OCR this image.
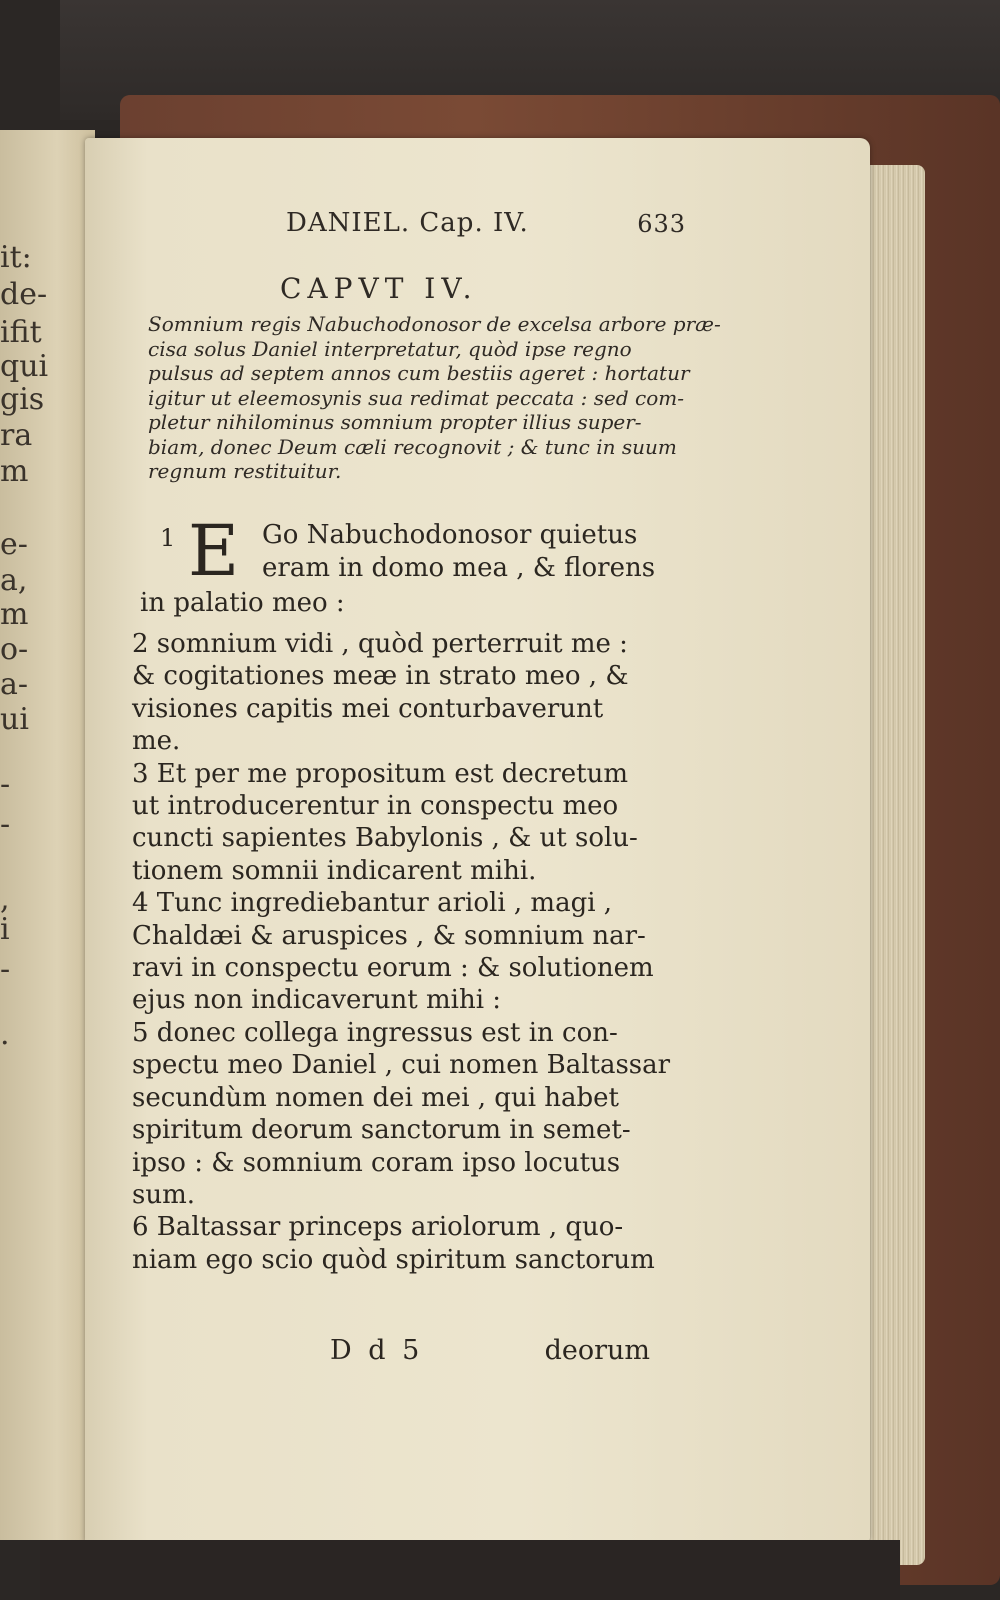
it:
de-
ifit
qui
gis
ra
m
e-
a,
m
o-
a-
ui
-
-
,
i
-
.
DANIEL. Cap. IV.	633
CAPVT IV.
Somnium regis Nabuchodonosor de excelsa arbore præ-
cisa solus Daniel interpretatur, quòd ipse regno
pulsus ad septem annos cum bestiis ageret : hortatur
igitur ut eleemosynis sua redimat peccata : sed com-
pletur nihilominus somnium propter illius super-
biam, donec Deum cæli recognovit ; & tunc in suum
regnum restituitur.
1 E Go Nabuchodonosor quietus
eram in domo mea , & florens
in palatio meo :
2 somnium vidi , quòd perterruit me :
& cogitationes meæ in strato meo , &
visiones capitis mei conturbaverunt
me.
3 Et per me propositum est decretum
ut introducerentur in conspectu meo
cuncti sapientes Babylonis , & ut solu-
tionem somnii indicarent mihi.
4 Tunc ingrediebantur arioli , magi ,
Chaldæi & aruspices , & somnium nar-
ravi in conspectu eorum : & solutionem
ejus non indicaverunt mihi :
5 donec collega ingressus est in con-
spectu meo Daniel , cui nomen Baltassar
secundùm nomen dei mei , qui habet
spiritum deorum sanctorum in semet-
ipso : & somnium coram ipso locutus
sum.
6 Baltassar princeps ariolorum , quo-
niam ego scio quòd spiritum sanctorum
D d 5	deorum
